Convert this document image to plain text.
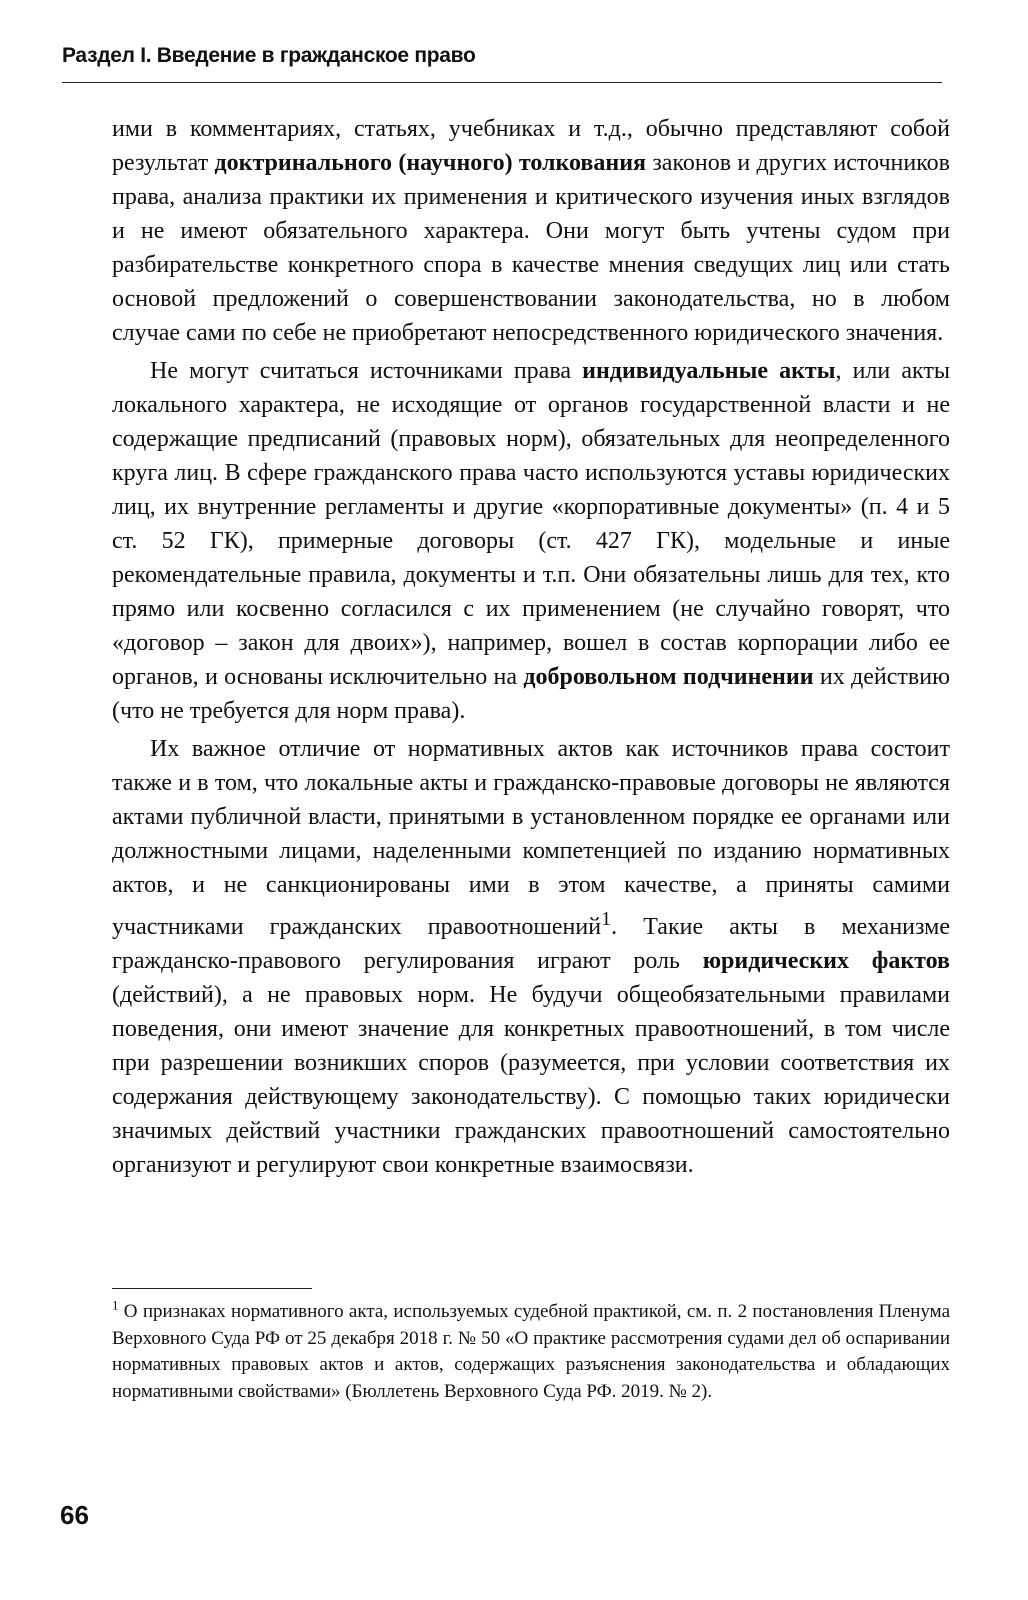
Раздел I. Введение в гражданское право

ими в комментариях, статьях, учебниках и т.д., обычно представляют собой результат доктринального (научного) толкования законов и других источников права, анализа практики их применения и критического изучения иных взглядов и не имеют обязательного характера. Они могут быть учтены судом при разбирательстве конкретного спора в качестве мнения сведущих лиц или стать основой предложений о совершенствовании законодательства, но в любом случае сами по себе не приобретают непосредственного юридического значения.

Не могут считаться источниками права индивидуальные акты, или акты локального характера, не исходящие от органов государственной власти и не содержащие предписаний (правовых норм), обязательных для неопределенного круга лиц. В сфере гражданского права часто используются уставы юридических лиц, их внутренние регламенты и другие «корпоративные документы» (п. 4 и 5 ст. 52 ГК), примерные договоры (ст. 427 ГК), модельные и иные рекомендательные правила, документы и т.п. Они обязательны лишь для тех, кто прямо или косвенно согласился с их применением (не случайно говорят, что «договор – закон для двоих»), например, вошел в состав корпорации либо ее органов, и основаны исключительно на добровольном подчинении их действию (что не требуется для норм права).

Их важное отличие от нормативных актов как источников права состоит также и в том, что локальные акты и гражданско-правовые договоры не являются актами публичной власти, принятыми в установленном порядке ее органами или должностными лицами, наделенными компетенцией по изданию нормативных актов, и не санкционированы ими в этом качестве, а приняты самими участниками гражданских правоотношений$^1$. Такие акты в механизме гражданско-правового регулирования играют роль юридических фактов (действий), а не правовых норм. Не будучи общеобязательными правилами поведения, они имеют значение для конкретных правоотношений, в том числе при разрешении возникших споров (разумеется, при условии соответствия их содержания действующему законодательству). С помощью таких юридически значимых действий участники гражданских правоотношений самостоятельно организуют и регулируют свои конкретные взаимосвязи.

$^1$ О признаках нормативного акта, используемых судебной практикой, см. п. 2 постановления Пленума Верховного Суда РФ от 25 декабря 2018 г. № 50 «О практике рассмотрения судами дел об оспаривании нормативных правовых актов и актов, содержащих разъяснения законодательства и обладающих нормативными свойствами» (Бюллетень Верховного Суда РФ. 2019. № 2).

66
